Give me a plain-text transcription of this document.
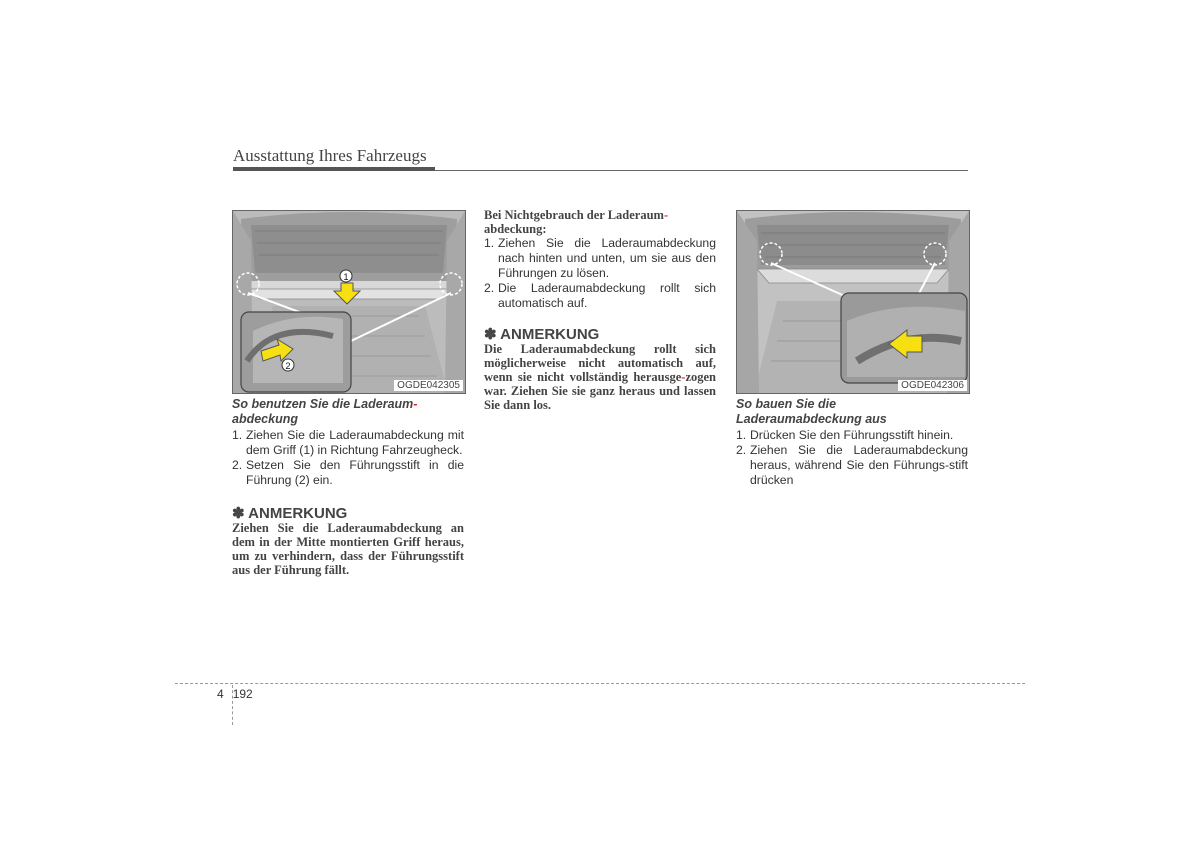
Ausstattung Ihres Fahrzeugs
1
2
OGDE042305
So benutzen Sie die Laderaum-
abdeckung
1. Ziehen Sie die Laderaumabdeckung mit dem Griff (1) in Richtung Fahrzeugheck.
2. Setzen Sie den Führungsstift in die Führung (2) ein.
✽ ANMERKUNG
Ziehen Sie die Laderaumabdeckung an dem in der Mitte montierten Griff heraus, um zu verhindern, dass der Führungsstift aus der Führung fällt.
Bei Nichtgebrauch der Laderaum-
abdeckung:
1. Ziehen Sie die Laderaumabdeckung nach hinten und unten, um sie aus den Führungen zu lösen.
2. Die Laderaumabdeckung rollt sich automatisch auf.
✽ ANMERKUNG
Die Laderaumabdeckung rollt sich möglicherweise nicht automatisch auf, wenn sie nicht vollständig herausge-zogen war. Ziehen Sie sie ganz heraus und lassen Sie dann los.
OGDE042306
So bauen Sie die
Laderaumabdeckung aus
1. Drücken Sie den Führungsstift hinein.
2. Ziehen Sie die Laderaumabdeckung heraus, während Sie den Führungs-stift drücken
4 192
